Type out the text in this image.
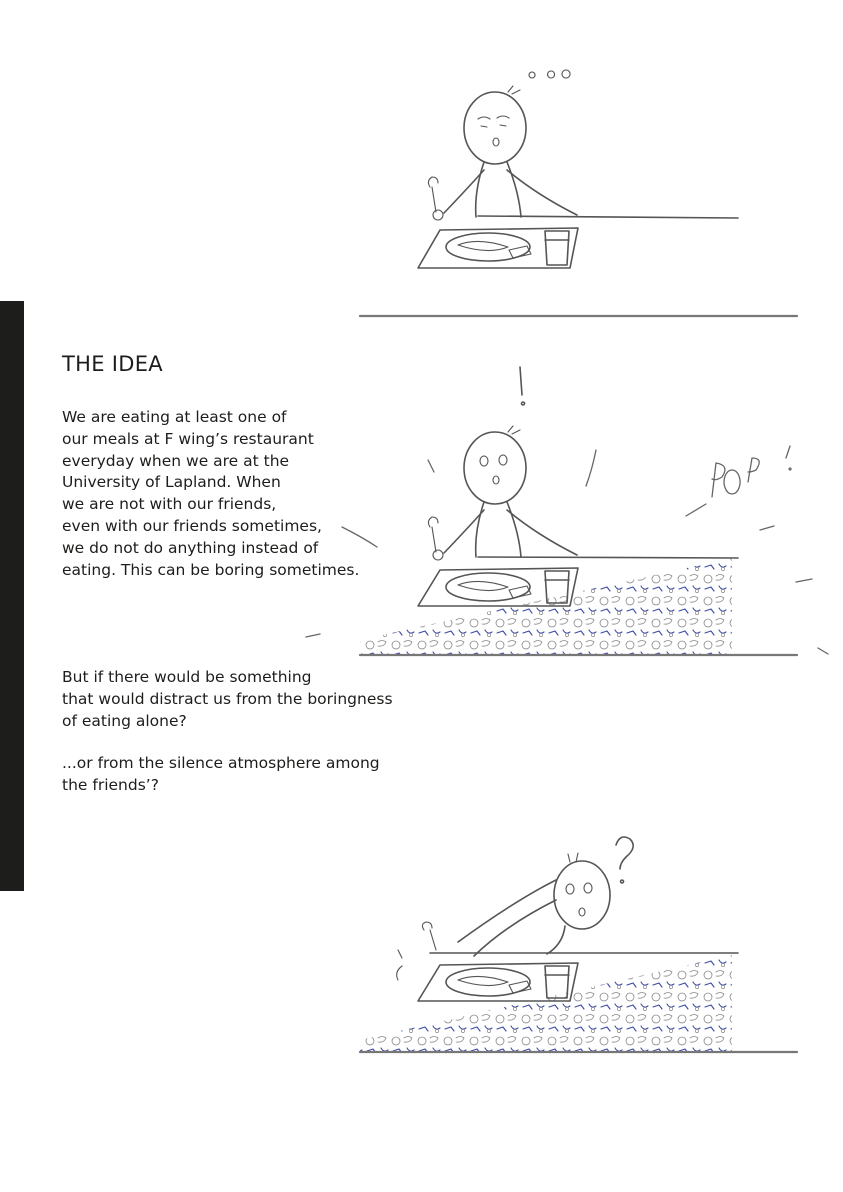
THE IDEA

We are eating at least one of
our meals at F wing’s restaurant
everyday when we are at the
University of Lapland. When
we are not with our friends,
even with our friends sometimes,
we do not do anything instead of
eating. This can be boring sometimes.

But if there would be something
that would distract us from the boringness
of eating alone?

...or from the silence atmosphere among
the friends’?
